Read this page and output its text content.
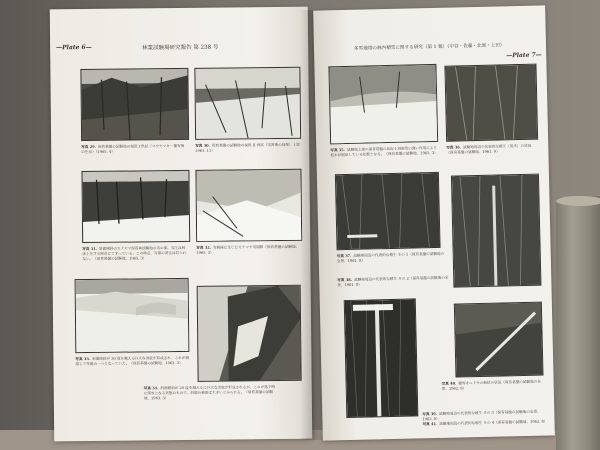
—Plate 6—	林業試験場研究報告 第 238 号
写真 29. 保育基盤の試験地の現況 I 供試（コウヤマキ－積雪後の生長）（1965. 4）
写真 30. 保育基盤の試験地の現況 II 供試（雪害後の回復）上部 1961. 11）
写真 31. 斜面傾斜のカナヤマ保育林試験地の雪の量。雪圧は林床上をする時点にてずっている。この時点、雪崩の発生は見られない。（保育基盤の試験地、1965. 3）
写真 32. 雪崩後に生じたカナマヤ雪崩跡（保育基盤の試験地、1965. 3）
写真 33. 斜面傾斜が 30 度を越える巨大な雪庇が形成され、これが崩落して雪崩の一つとなっていた。（保育基盤の試験地、1963. 3）
写真 34. 斜面傾斜が 20 度を越えるに巨大な雪庇が形成されるが、これが落下時に落雪となる状態のもので、斜面の被害は大きいとみられる。（保育基盤の試験地、1963. 3）
多雪地帯の林内積雪に関する研究（第 1 報）（中谷・佐藤・北原・上田）
—Plate 7—
写真 35. 試験地上部の保育基盤の状況 I 斜面雪の強い作用により低木が倒伏している状態となる。（保育基盤の試験地、1965. 3）
写真 36. 試験地周辺の代表的な植生（低木）の状況（保育基盤の試験地、1961. 9）
写真 37. 試験地周辺の代表的な植生 その 1（保育基盤の試験地の全景、1961. 8）
写真 38. 試験地周辺の代表的な植生 その 2（保育基盤の試験地の全景、1961. 8）
写真 40. 積雪オニドサの倒伏の状況（保育基盤の試験地の全景、1962. 6）
写真 39. 試験地周辺の代表的な植生 その 3（保育基盤の試験地の全景、1962. 8）
写真 41. 試験地周辺の代表的な植生 その 4（保育基盤の試験地、1962. 8）
